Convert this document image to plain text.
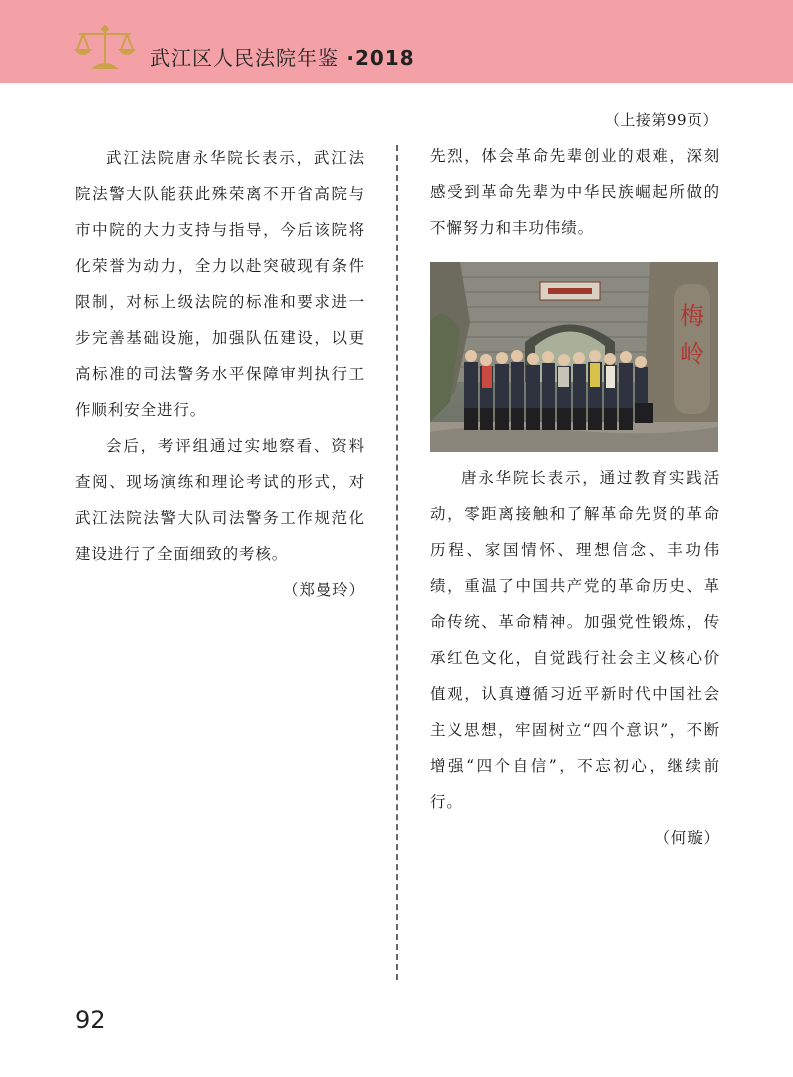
武江区人民法院年鉴 ·2018
（上接第99页）

武江法院唐永华院长表示，武江法院法警大队能获此殊荣离不开省高院与市中院的大力支持与指导，今后该院将化荣誉为动力，全力以赴突破现有条件限制，对标上级法院的标准和要求进一步完善基础设施，加强队伍建设，以更高标准的司法警务水平保障审判执行工作顺利安全进行。

会后，考评组通过实地察看、资料查阅、现场演练和理论考试的形式，对武江法院法警大队司法警务工作规范化建设进行了全面细致的考核。

（郑曼玲）

先烈，体会革命先辈创业的艰难，深刻感受到革命先辈为中华民族崛起所做的不懈努力和丰功伟绩。

梅
岭

唐永华院长表示，通过教育实践活动，零距离接触和了解革命先贤的革命历程、家国情怀、理想信念、丰功伟绩，重温了中国共产党的革命历史、革命传统、革命精神。加强党性锻炼，传承红色文化，自觉践行社会主义核心价值观，认真遵循习近平新时代中国社会主义思想，牢固树立“四个意识”，不断增强“四个自信”，不忘初心，继续前行。

（何璇）

92
